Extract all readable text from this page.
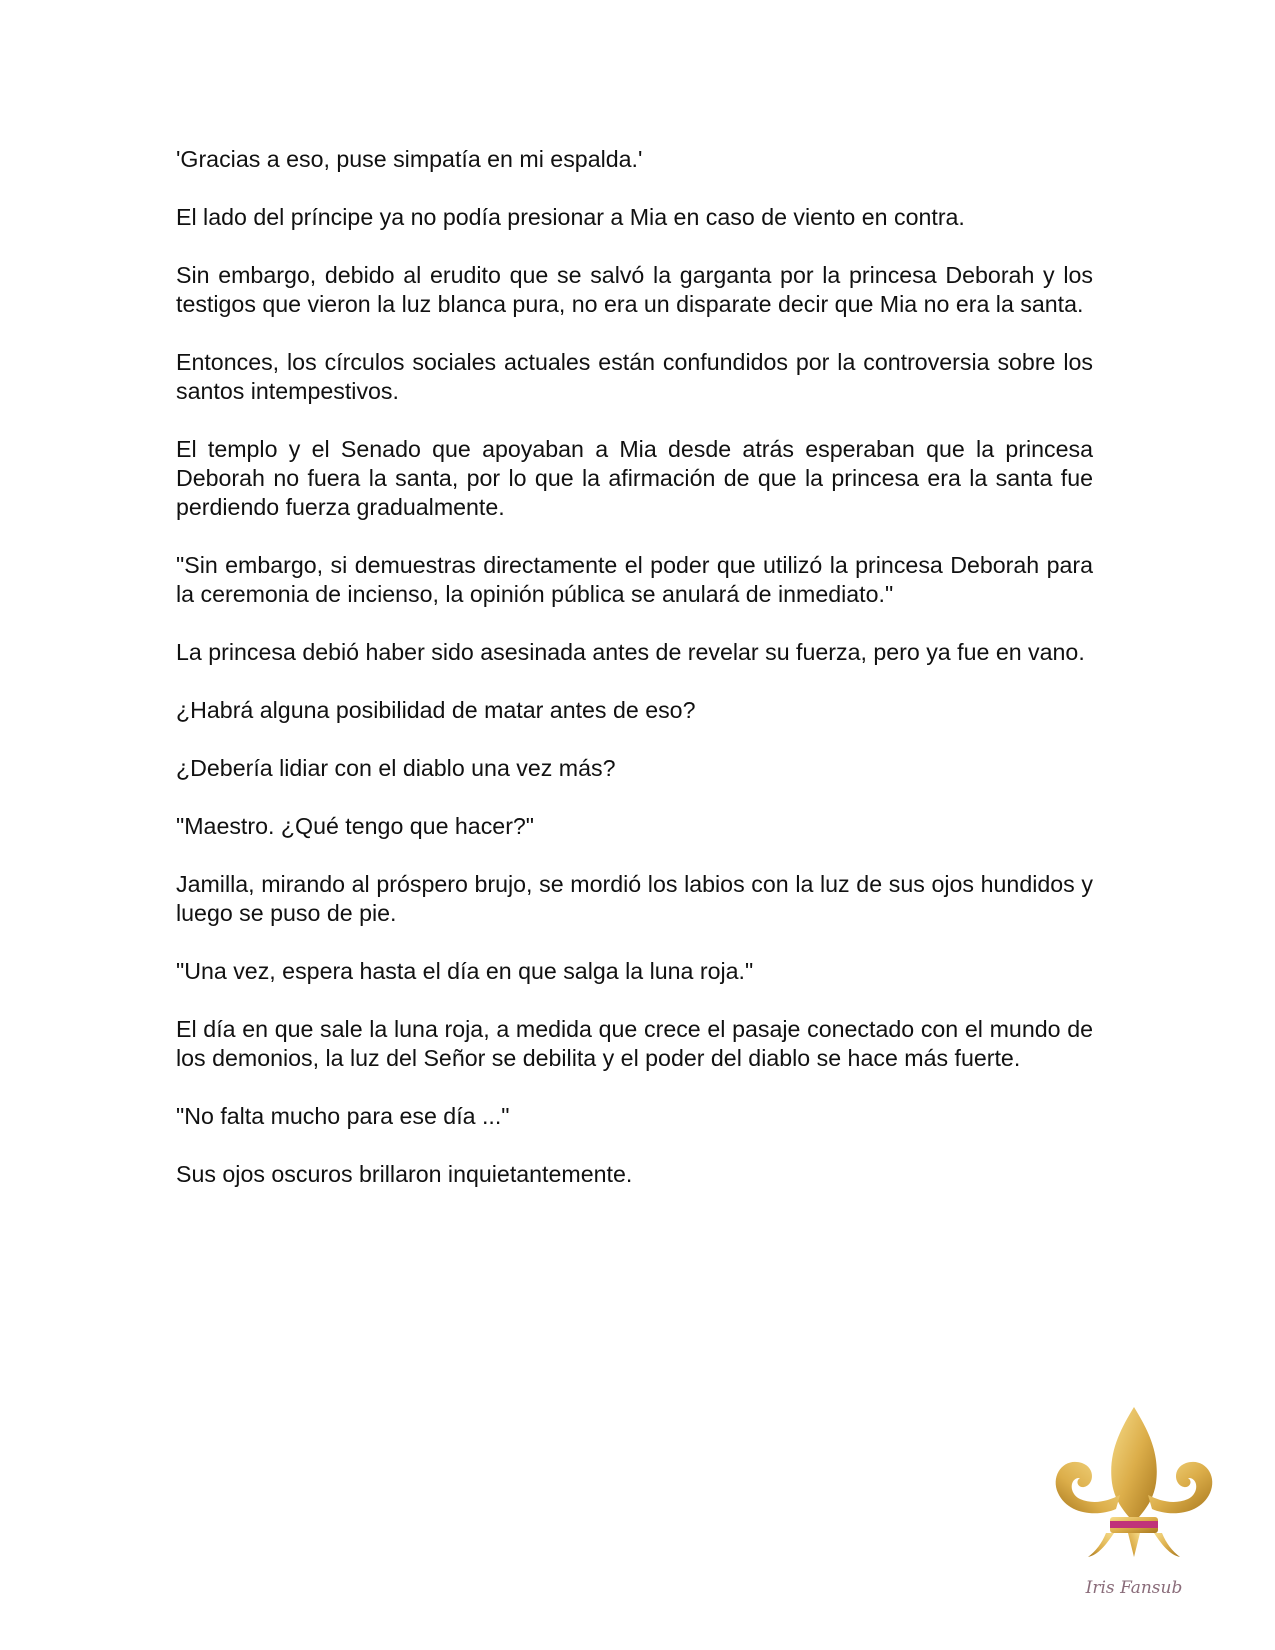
'Gracias a eso, puse simpatía en mi espalda.'

El lado del príncipe ya no podía presionar a Mia en caso de viento en contra.

Sin embargo, debido al erudito que se salvó la garganta por la princesa Deborah y los testigos que vieron la luz blanca pura, no era un disparate decir que Mia no era la santa.

Entonces, los círculos sociales actuales están confundidos por la controversia sobre los santos intempestivos.

El templo y el Senado que apoyaban a Mia desde atrás esperaban que la princesa Deborah no fuera la santa, por lo que la afirmación de que la princesa era la santa fue perdiendo fuerza gradualmente.

"Sin embargo, si demuestras directamente el poder que utilizó la princesa Deborah para la ceremonia de incienso, la opinión pública se anulará de inmediato."

La princesa debió haber sido asesinada antes de revelar su fuerza, pero ya fue en vano.

¿Habrá alguna posibilidad de matar antes de eso?

¿Debería lidiar con el diablo una vez más?

"Maestro. ¿Qué tengo que hacer?"

Jamilla, mirando al próspero brujo, se mordió los labios con la luz de sus ojos hundidos y luego se puso de pie.

"Una vez, espera hasta el día en que salga la luna roja."

El día en que sale la luna roja, a medida que crece el pasaje conectado con el mundo de los demonios, la luz del Señor se debilita y el poder del diablo se hace más fuerte.

"No falta mucho para ese día ..."

Sus ojos oscuros brillaron inquietantemente.

Iris Fansub
